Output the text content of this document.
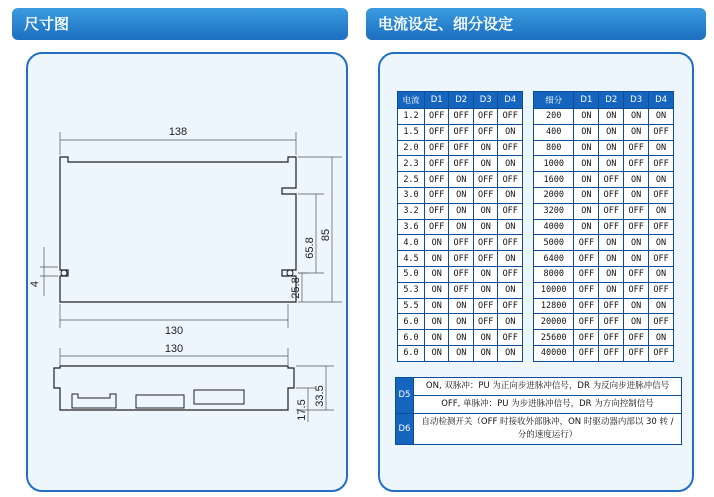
尺寸图	电流设定、细分设定
138
130
85
65.8
25.8
4
130
33.5
17.5
电流	D1	D2	D3	D4
1.2	OFF	OFF	OFF	OFF
1.5	OFF	OFF	OFF	ON
2.0	OFF	OFF	ON	OFF
2.3	OFF	OFF	ON	ON
2.5	OFF	ON	OFF	OFF
3.0	OFF	ON	OFF	ON
3.2	OFF	ON	ON	OFF
3.6	OFF	ON	ON	ON
4.0	ON	OFF	OFF	OFF
4.5	ON	OFF	OFF	ON
5.0	ON	OFF	ON	OFF
5.3	ON	OFF	ON	ON
5.5	ON	ON	OFF	OFF
6.0	ON	ON	OFF	ON
6.0	ON	ON	ON	OFF
6.0	ON	ON	ON	ON
细分	D1	D2	D3	D4
200	ON	ON	ON	ON
400	ON	ON	ON	OFF
800	ON	ON	OFF	ON
1000	ON	ON	OFF	OFF
1600	ON	OFF	ON	ON
2000	ON	OFF	ON	OFF
3200	ON	OFF	OFF	ON
4000	ON	OFF	OFF	OFF
5000	OFF	ON	ON	ON
6400	OFF	ON	ON	OFF
8000	OFF	ON	OFF	ON
10000	OFF	ON	OFF	OFF
12800	OFF	OFF	ON	ON
20000	OFF	OFF	ON	OFF
25600	OFF	OFF	OFF	ON
40000	OFF	OFF	OFF	OFF
D5	ON, 双脉冲：PU 为正向步进脉冲信号，DR 为反向步进脉冲信号
	OFF, 单脉冲：PU 为步进脉冲信号，DR 为方向控制信号
D6	自动检测开关（OFF 时接收外部脉冲，ON 时驱动器内部以 30 转 / 分的速度运行）
